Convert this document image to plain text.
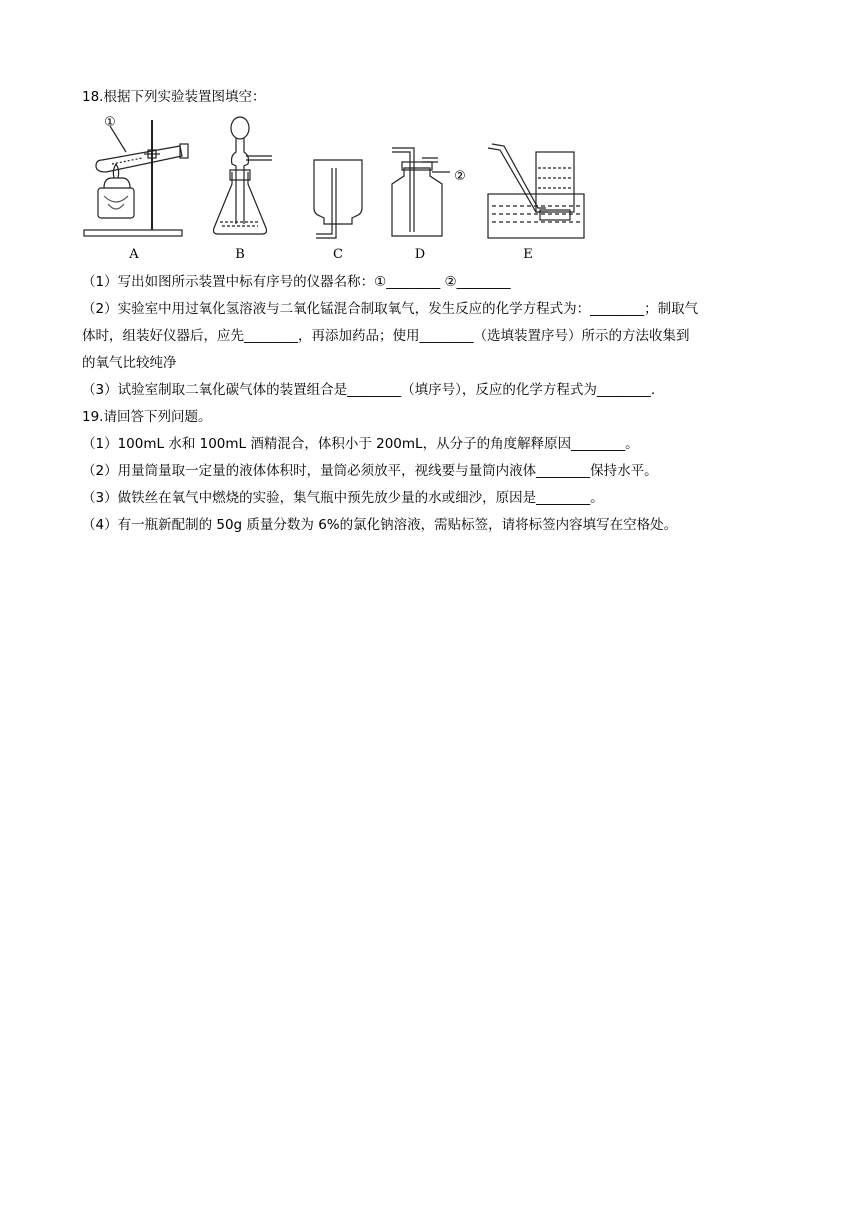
18.根据下列实验装置图填空：
①
②
A	B	C	D	E
（1）写出如图所示装置中标有序号的仪器名称：①________ ②________
（2）实验室中用过氧化氢溶液与二氧化锰混合制取氧气，发生反应的化学方程式为：________；制取气
体时，组装好仪器后，应先________，再添加药品；使用________（选填装置序号）所示的方法收集到
的氧气比较纯净
（3）试验室制取二氧化碳气体的装置组合是________（填序号），反应的化学方程式为________.
19.请回答下列问题。
（1）100mL 水和 100mL 酒精混合，体积小于 200mL，从分子的角度解释原因________。
（2）用量筒量取一定量的液体体积时，量筒必须放平，视线要与量筒内液体________保持水平。
（3）做铁丝在氧气中燃烧的实验，集气瓶中预先放少量的水或细沙，原因是________。
（4）有一瓶新配制的 50g 质量分数为 6%的氯化钠溶液，需贴标签，请将标签内容填写在空格处。
